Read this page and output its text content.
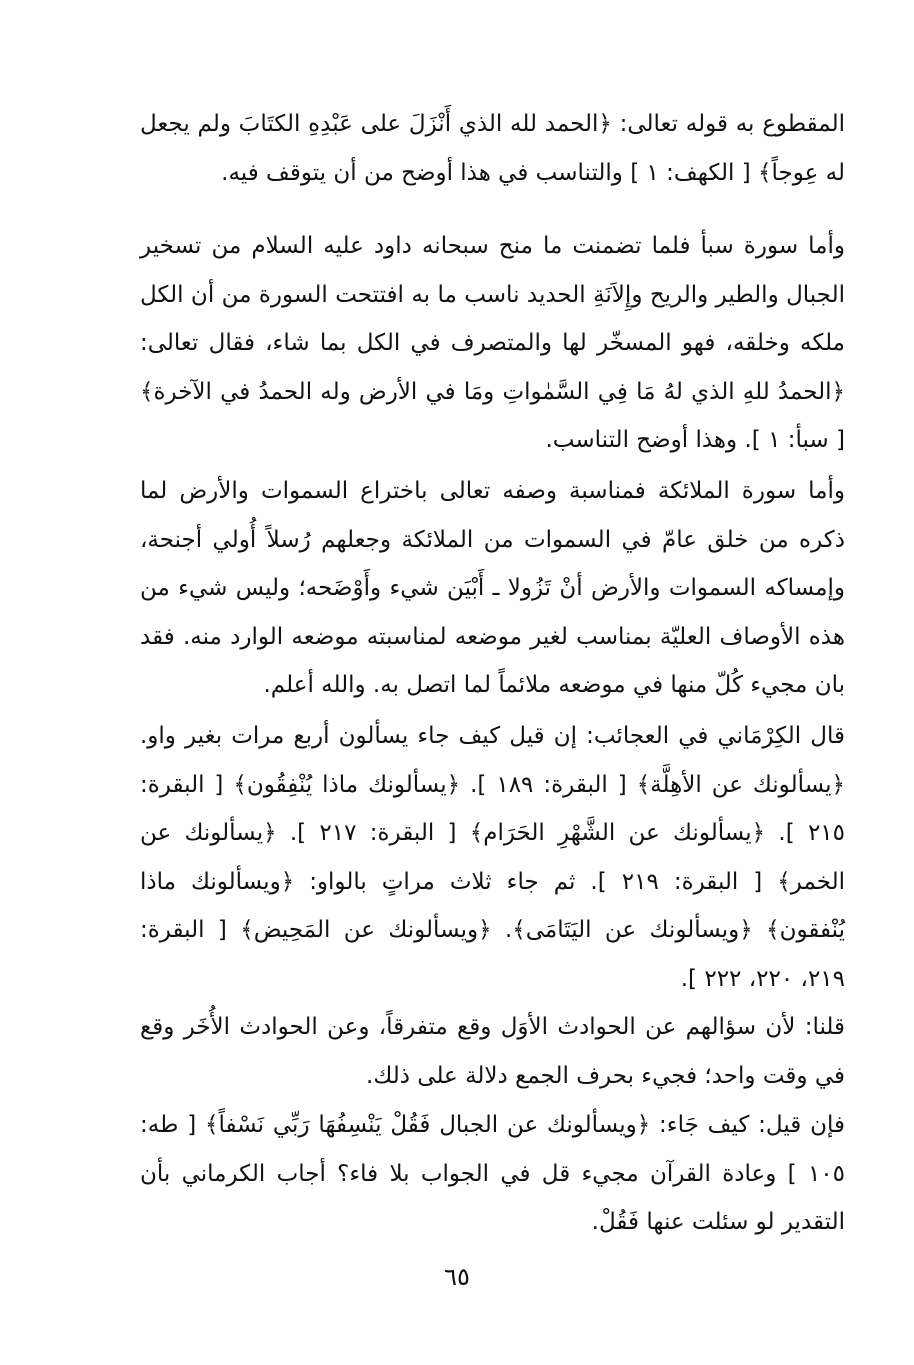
المقطوع به قوله تعالى: ﴿الحمد لله الذي أَنْزَلَ على عَبْدِهِ الكتَابَ ولم يجعل له عِوجاً﴾ [ الكهف: ١ ] والتناسب في هذا أوضح من أن يتوقف فيه.
وأما سورة سبأ فلما تضمنت ما منح سبحانه داود عليه السلام من تسخير الجبال والطير والريح وإِلاَنَةِ الحديد ناسب ما به افتتحت السورة من أن الكل ملكه وخلقه، فهو المسخّر لها والمتصرف في الكل بما شاء، فقال تعالى: ﴿الحمدُ للهِ الذي لهُ مَا فِي السَّمٰواتِ ومَا في الأرض وله الحمدُ في الآخرة﴾ [ سبأ: ١ ]. وهذا أوضح التناسب.
وأما سورة الملائكة فمناسبة وصفه تعالى باختراع السموات والأرض لما ذكره من خلق عامّ في السموات من الملائكة وجعلهم رُسلاً أُولي أجنحة، وإمساكه السموات والأرض أنْ تَزُولا ـ أَبْيَن شيء وأَوْضَحه؛ وليس شيء من هذه الأوصاف العليّة بمناسب لغير موضعه لمناسبته موضعه الوارد منه. فقد بان مجيء كُلّ منها في موضعه ملائماً لما اتصل به. والله أعلم.
قال الكِرْمَاني في العجائب: إن قيل كيف جاء يسألون أربع مرات بغير واو. ﴿يسألونك عن الأهِلَّة﴾ [ البقرة: ١٨٩ ]. ﴿يسألونك ماذا يُنْفِقُون﴾ [ البقرة: ٢١٥ ]. ﴿يسألونك عن الشَّهْرِ الحَرَام﴾ [ البقرة: ٢١٧ ]. ﴿يسألونك عن الخمر﴾ [ البقرة: ٢١٩ ]. ثم جاء ثلاث مراتٍ بالواو: ﴿ويسألونك ماذا يُنْفقون﴾ ﴿ويسألونك عن اليَتَامَى﴾. ﴿ويسألونك عن المَحِيض﴾ [ البقرة: ٢١٩، ٢٢٠، ٢٢٢ ].
قلنا: لأن سؤالهم عن الحوادث الأوَل وقع متفرقاً، وعن الحوادث الأُخَر وقع في وقت واحد؛ فجيء بحرف الجمع دلالة على ذلك.
فإن قيل: كيف جَاء: ﴿ويسألونك عن الجبال فَقُلْ يَنْسِفُهَا رَبِّي نَسْفاً﴾ [ طه: ١٠٥ ] وعادة القرآن مجيء قل في الجواب بلا فاء؟ أجاب الكرماني بأن التقدير لو سئلت عنها فَقُلْ.
٦٥
